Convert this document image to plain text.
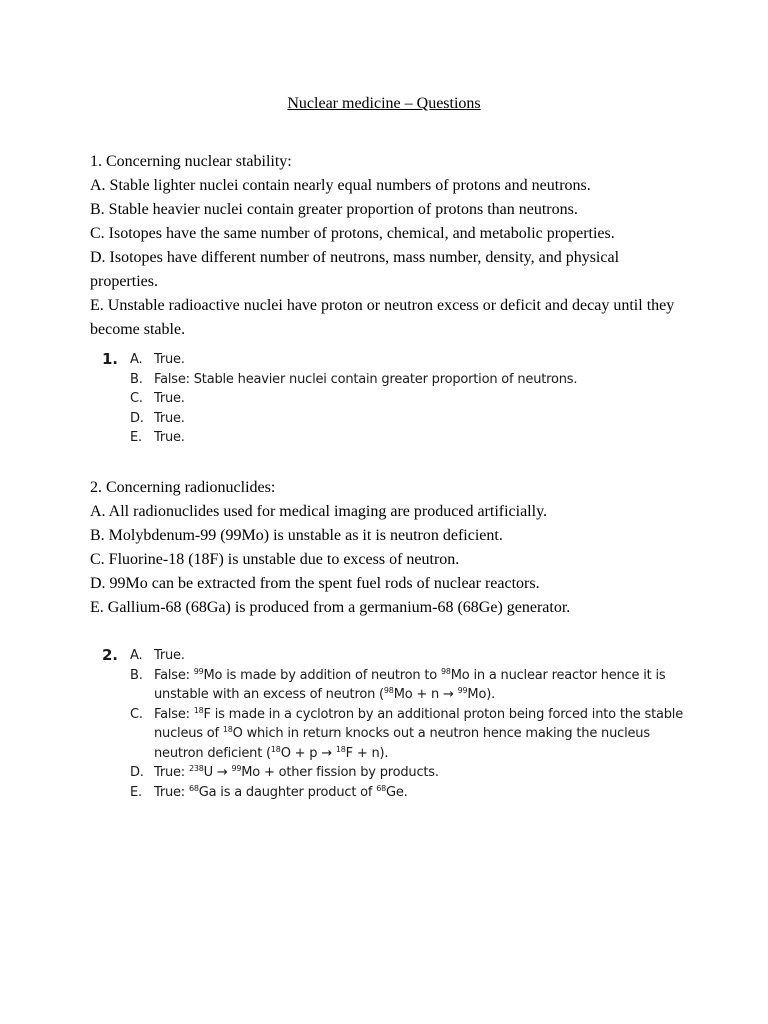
Nuclear medicine – Questions

1. Concerning nuclear stability:

A. Stable lighter nuclei contain nearly equal numbers of protons and neutrons.

B. Stable heavier nuclei contain greater proportion of protons than neutrons.

C. Isotopes have the same number of protons, chemical, and metabolic properties.

D. Isotopes have different number of neutrons, mass number, density, and physical properties.

E. Unstable radioactive nuclei have proton or neutron excess or deficit and decay until they become stable.

1. A. True.
B. False: Stable heavier nuclei contain greater proportion of neutrons.
C. True.
D. True.
E. True.

2. Concerning radionuclides:

A. All radionuclides used for medical imaging are produced artificially.

B. Molybdenum-99 (99Mo) is unstable as it is neutron deficient.

C. Fluorine-18 (18F) is unstable due to excess of neutron.

D. 99Mo can be extracted from the spent fuel rods of nuclear reactors.

E. Gallium-68 (68Ga) is produced from a germanium-68 (68Ge) generator.

2. A. True.
B. False: $^{99}$Mo is made by addition of neutron to $^{98}$Mo in a nuclear reactor hence it is unstable with an excess of neutron ($^{98}$Mo + n → $^{99}$Mo).
C. False: $^{18}$F is made in a cyclotron by an additional proton being forced into the stable nucleus of $^{18}$O which in return knocks out a neutron hence making the nucleus neutron deficient ($^{18}$O + p → $^{18}$F + n).
D. True: $^{238}$U → $^{99}$Mo + other fission by products.
E. True: $^{68}$Ga is a daughter product of $^{68}$Ge.
